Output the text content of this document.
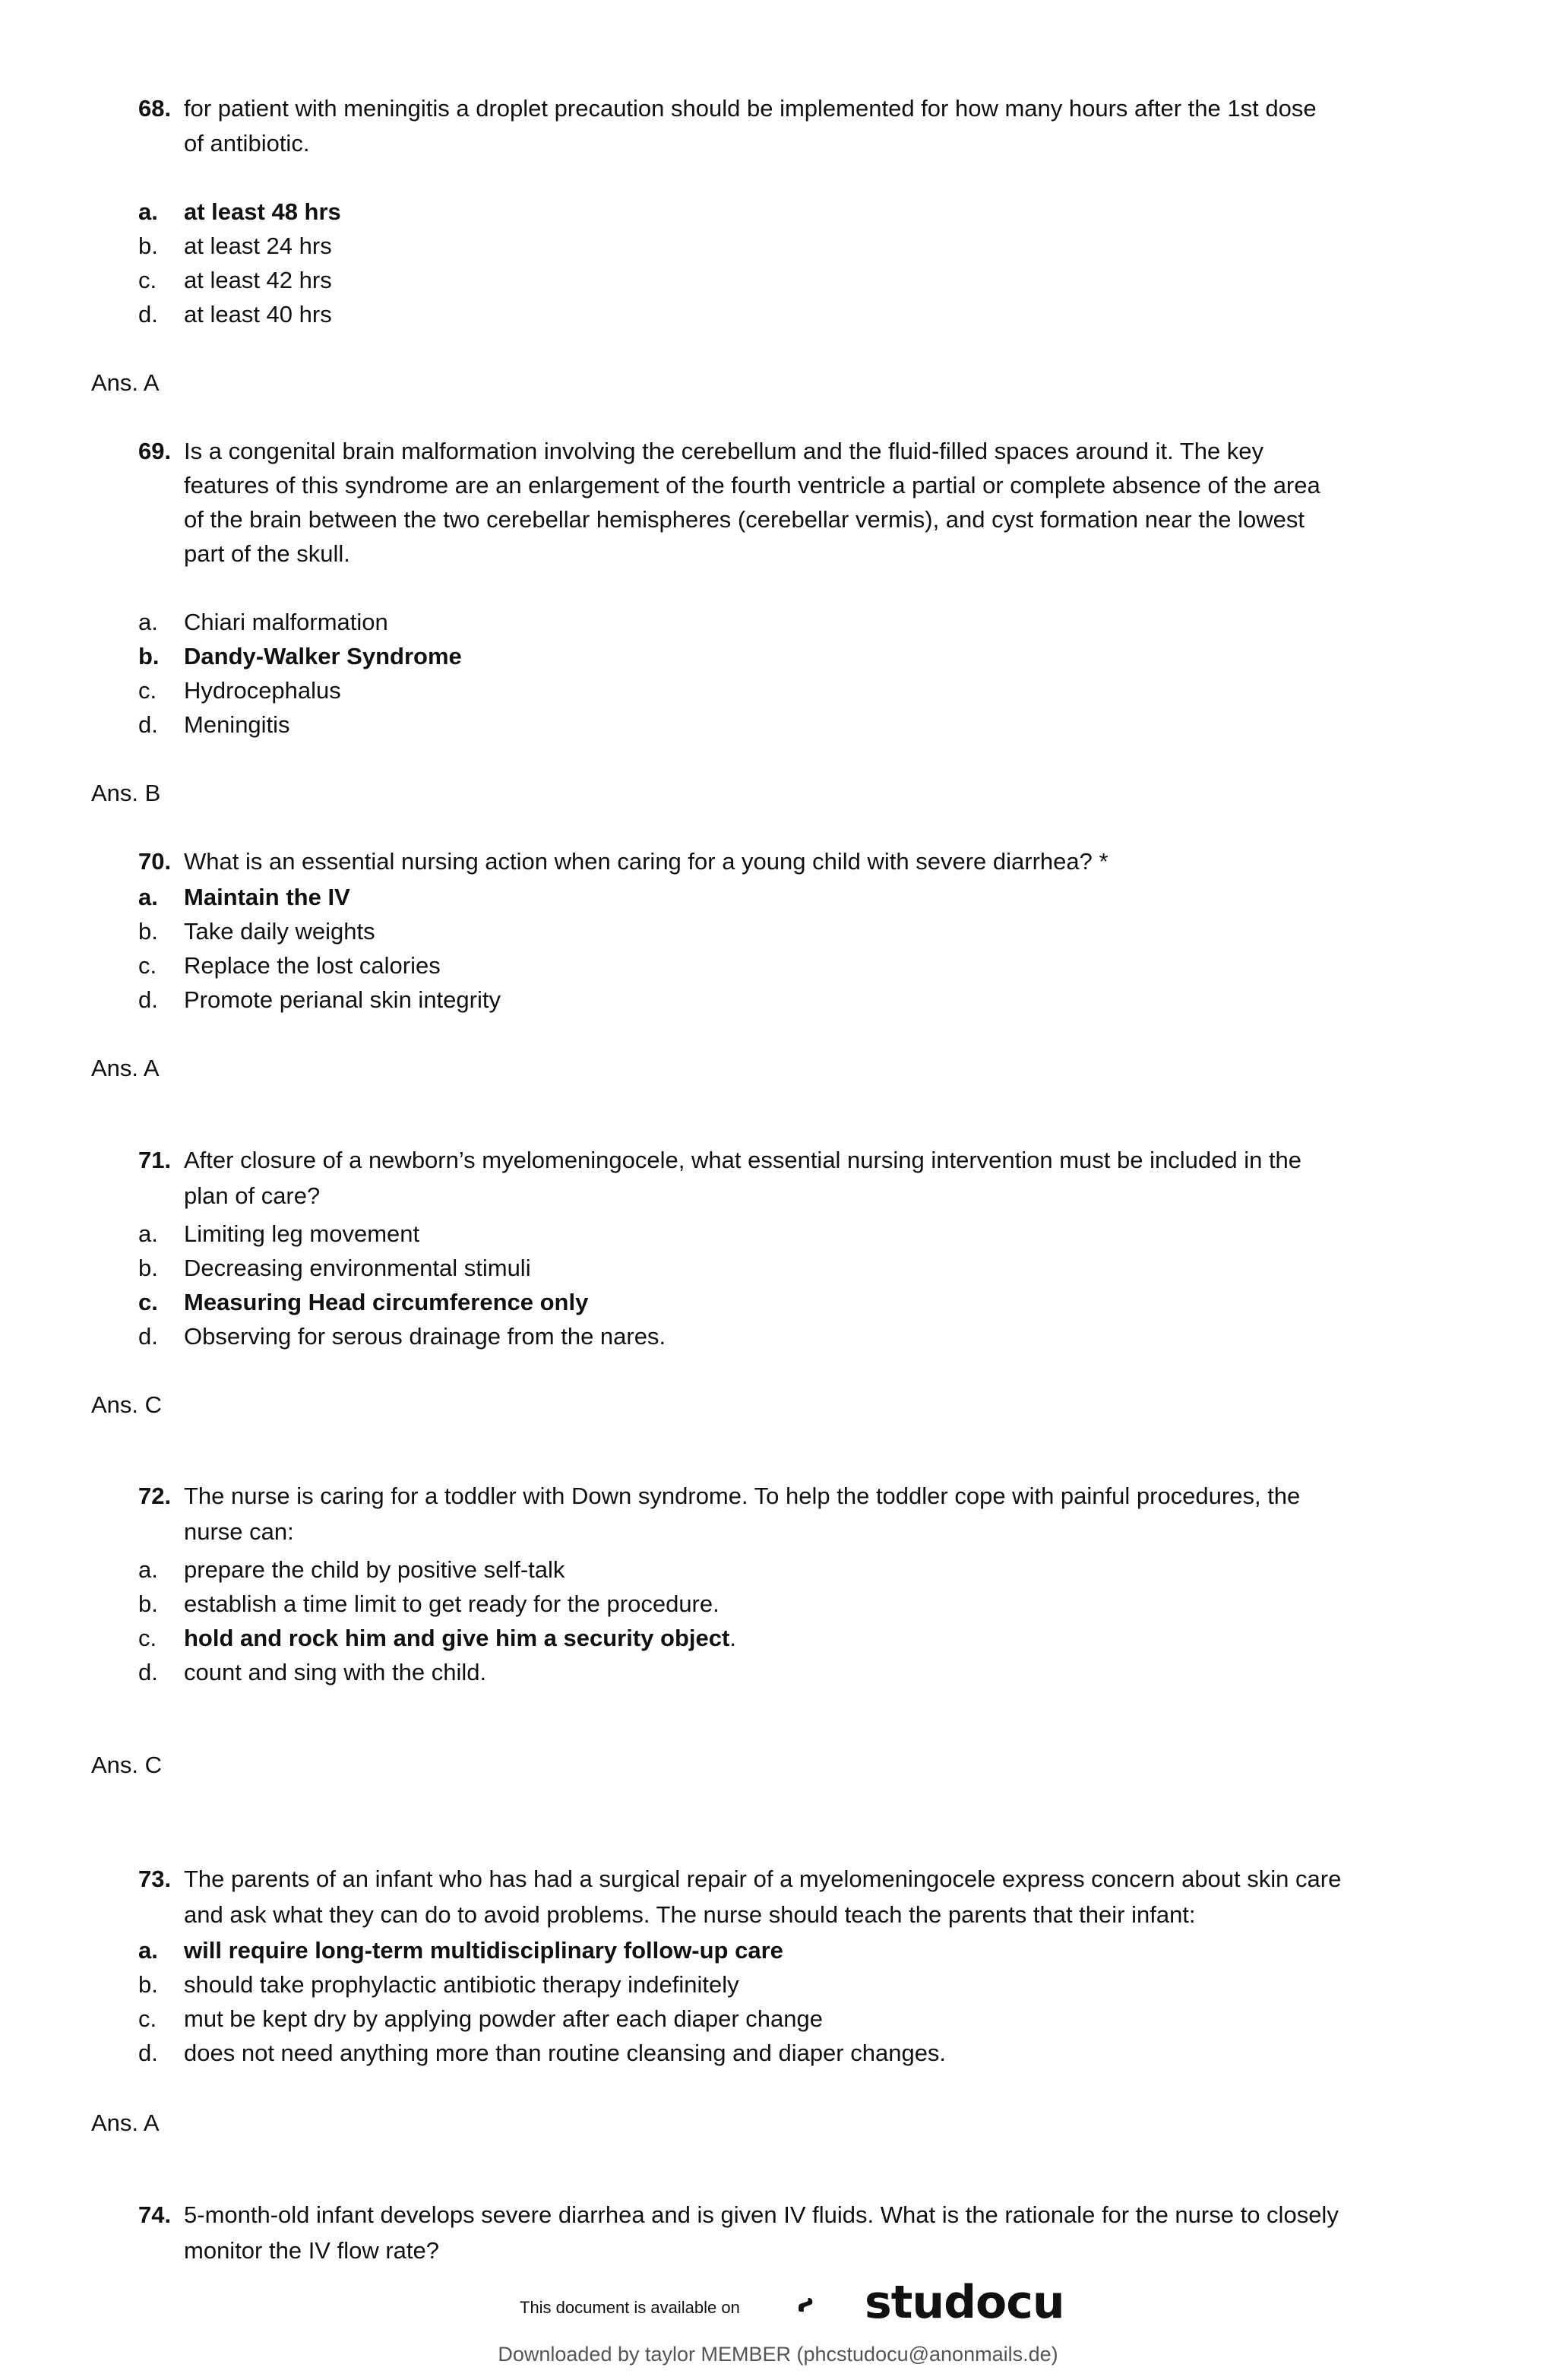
68. for patient with meningitis a droplet precaution should be implemented for how many hours after the 1st dose
of antibiotic.
a. at least 48 hrs
b. at least 24 hrs
c. at least 42 hrs
d. at least 40 hrs
Ans. A
69. Is a congenital brain malformation involving the cerebellum and the fluid-filled spaces around it. The key
features of this syndrome are an enlargement of the fourth ventricle a partial or complete absence of the area
of the brain between the two cerebellar hemispheres (cerebellar vermis), and cyst formation near the lowest
part of the skull.
a. Chiari malformation
b. Dandy-Walker Syndrome
c. Hydrocephalus
d. Meningitis
Ans. B
70. What is an essential nursing action when caring for a young child with severe diarrhea? *
a. Maintain the IV
b. Take daily weights
c. Replace the lost calories
d. Promote perianal skin integrity
Ans. A
71. After closure of a newborn’s myelomeningocele, what essential nursing intervention must be included in the
plan of care?
a. Limiting leg movement
b. Decreasing environmental stimuli
c. Measuring Head circumference only
d. Observing for serous drainage from the nares.
Ans. C
72. The nurse is caring for a toddler with Down syndrome. To help the toddler cope with painful procedures, the
nurse can:
a. prepare the child by positive self-talk
b. establish a time limit to get ready for the procedure.
c. hold and rock him and give him a security object.
d. count and sing with the child.
Ans. C
73. The parents of an infant who has had a surgical repair of a myelomeningocele express concern about skin care
and ask what they can do to avoid problems. The nurse should teach the parents that their infant:
a. will require long-term multidisciplinary follow-up care
b. should take prophylactic antibiotic therapy indefinitely
c. mut be kept dry by applying powder after each diaper change
d. does not need anything more than routine cleansing and diaper changes.
Ans. A
74. 5-month-old infant develops severe diarrhea and is given IV fluids. What is the rationale for the nurse to closely
monitor the IV flow rate?
This document is available on	studocu
Downloaded by taylor MEMBER (phcstudocu@anonmails.de)
